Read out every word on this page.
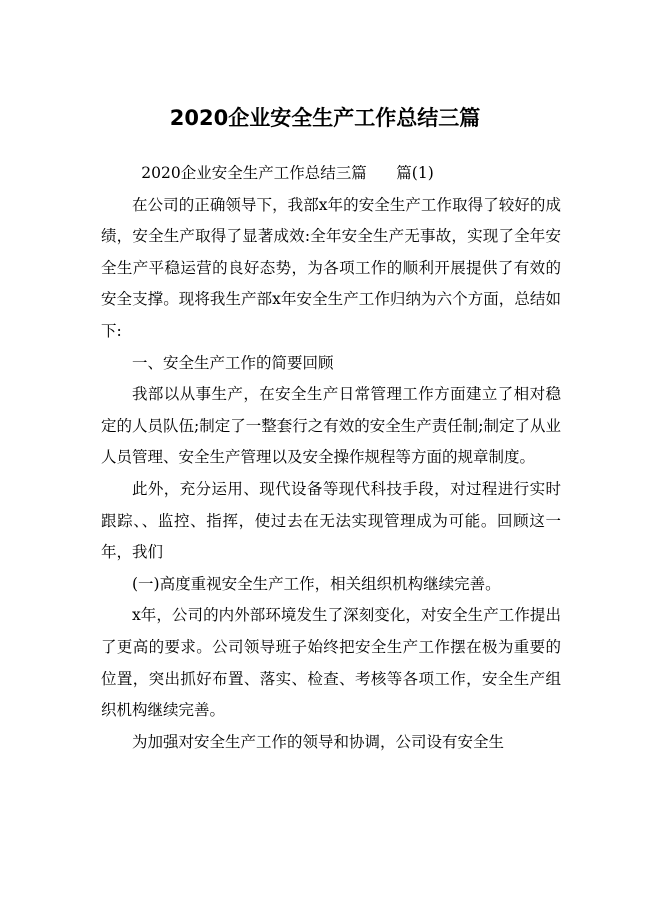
2020企业安全生产工作总结三篇

2020企业安全生产工作总结三篇      篇(1)

在公司的正确领导下，我部x年的安全生产工作取得了较好的成绩，安全生产取得了显著成效:全年安全生产无事故，实现了全年安全生产平稳运营的良好态势，为各项工作的顺利开展提供了有效的安全支撑。现将我生产部x年安全生产工作归纳为六个方面，总结如下:

一、安全生产工作的简要回顾

我部以从事生产，在安全生产日常管理工作方面建立了相对稳定的人员队伍;制定了一整套行之有效的安全生产责任制;制定了从业人员管理、安全生产管理以及安全操作规程等方面的规章制度。

此外，充分运用、现代设备等现代科技手段，对过程进行实时跟踪、、监控、指挥，使过去在无法实现管理成为可能。回顾这一年，我们

(一)高度重视安全生产工作，相关组织机构继续完善。

x年，公司的内外部环境发生了深刻变化，对安全生产工作提出了更高的要求。公司领导班子始终把安全生产工作摆在极为重要的位置，突出抓好布置、落实、检查、考核等各项工作，安全生产组织机构继续完善。

为加强对安全生产工作的领导和协调，公司设有安全生
